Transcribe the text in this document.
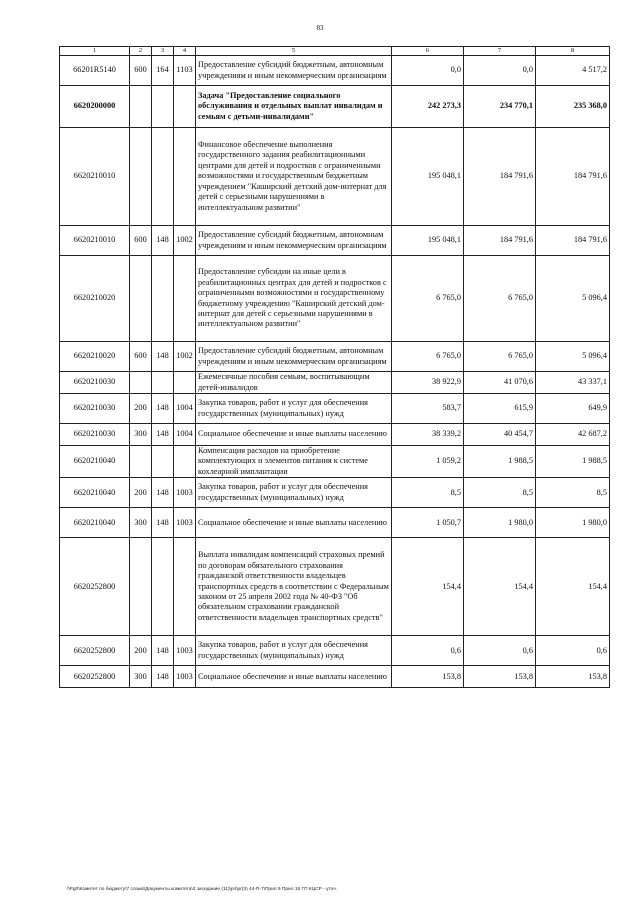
83
1	2	3	4	5	6	7	8
66201R5140	600	164	1103	Предоставление субсидий бюджетным, автономным учреждениям и иным некоммерческим организациям	0,0	0,0	4 517,2
6620200000				Задача "Предоставление социального обслуживания и отдельных выплат инвалидам и семьям с детьми-инвалидами"	242 273,3	234 770,1	235 368,0
6620210010				Финансовое обеспечение выполнения государственного задания реабилитационными центрами для детей и подростков с ограниченными возможностями и государственным бюджетным учреждением "Каширский детский дом-интернат для детей с серьезными нарушениями в интеллектуальном развитии"	195 048,1	184 791,6	184 791,6
6620210010	600	148	1002	Предоставление субсидий бюджетным, автономным учреждениям и иным некоммерческим организациям	195 048,1	184 791,6	184 791,6
6620210020				Предоставление субсидии на иные цели в реабилитационных центрах для детей и подростков с ограниченными возможностями и государственному бюджетному учреждению "Каширский детский дом-интернат для детей с серьезными нарушениями в интеллектуальном развитии"	6 765,0	6 765,0	5 096,4
6620210020	600	148	1002	Предоставление субсидий бюджетным, автономным учреждениям и иным некоммерческим организациям	6 765,0	6 765,0	5 096,4
6620210030				Ежемесячные пособия семьям, воспитывающим детей-инвалидов	38 922,9	41 070,6	43 337,1
6620210030	200	148	1004	Закупка товаров, работ и услуг для обеспечения государственных (муниципальных) нужд	583,7	615,9	649,9
6620210030	300	148	1004	Социальное обеспечение и иные выплаты населению	38 339,2	40 454,7	42 687,2
6620210040				Компенсация расходов на приобретение комплектующих и элементов питания к системе кохлеарной имплантации	1 059,2	1 988,5	1 988,5
6620210040	200	148	1003	Закупка товаров, работ и услуг для обеспечения государственных (муниципальных) нужд	8,5	8,5	8,5
6620210040	300	148	1003	Социальное обеспечение и иные выплаты населению	1 050,7	1 980,0	1 980,0
6620252800				Выплата инвалидам компенсаций страховых премий по договорам обязательного страхования гражданской ответственности владельцев транспортных средств в соответствии с Федеральным законом от 25 апреля 2002 года № 40-ФЗ "Об обязательном страховании гражданской ответственности владельцев транспортных средств"	154,4	154,4	154,4
6620252800	200	148	1003	Закупка товаров, работ и услуг для обеспечения государственных (муниципальных) нужд	0,6	0,6	0,6
6620252800	300	148	1003	Социальное обеспечение и иные выплаты населению	153,8	153,8	153,8
\\Pg0\Комитет по бюджету\7 созыв\Документы комитета\3 заседание (11)\p4\pr(3) 44-П-7\Прил 9 Прил 15 ГП КЦСР - уточ.
